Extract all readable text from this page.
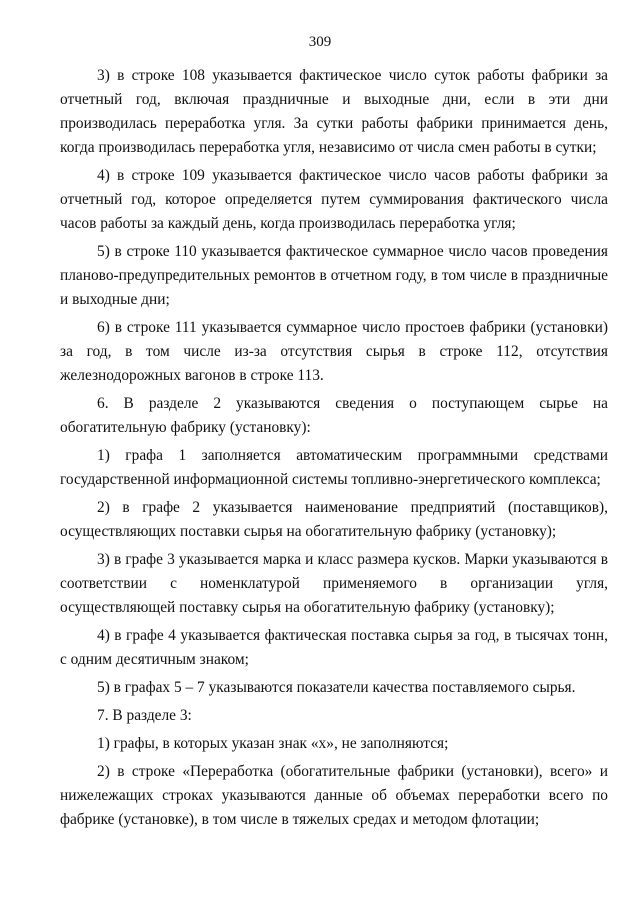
309

3) в строке 108 указывается фактическое число суток работы фабрики за отчетный год, включая праздничные и выходные дни, если в эти дни производилась переработка угля. За сутки работы фабрики принимается день, когда производилась переработка угля, независимо от числа смен работы в сутки;

4) в строке 109 указывается фактическое число часов работы фабрики за отчетный год, которое определяется путем суммирования фактического числа часов работы за каждый день, когда производилась переработка угля;

5) в строке 110 указывается фактическое суммарное число часов проведения планово-предупредительных ремонтов в отчетном году, в том числе в праздничные и выходные дни;

6) в строке 111 указывается суммарное число простоев фабрики (установки) за год, в том числе из-за отсутствия сырья в строке 112, отсутствия железнодорожных вагонов в строке 113.

6. В разделе 2 указываются сведения о поступающем сырье на обогатительную фабрику (установку):

1) графа 1 заполняется автоматическим программными средствами государственной информационной системы топливно-энергетического комплекса;

2) в графе 2 указывается наименование предприятий (поставщиков), осуществляющих поставки сырья на обогатительную фабрику (установку);

3) в графе 3 указывается марка и класс размера кусков. Марки указываются в соответствии с номенклатурой применяемого в организации угля, осуществляющей поставку сырья на обогатительную фабрику (установку);

4) в графе 4 указывается фактическая поставка сырья за год, в тысячах тонн, с одним десятичным знаком;

5) в графах 5 – 7 указываются показатели качества поставляемого сырья.

7. В разделе 3:

1) графы, в которых указан знак «х», не заполняются;

2) в строке «Переработка (обогатительные фабрики (установки), всего» и нижележащих строках указываются данные об объемах переработки всего по фабрике (установке), в том числе в тяжелых средах и методом флотации;
